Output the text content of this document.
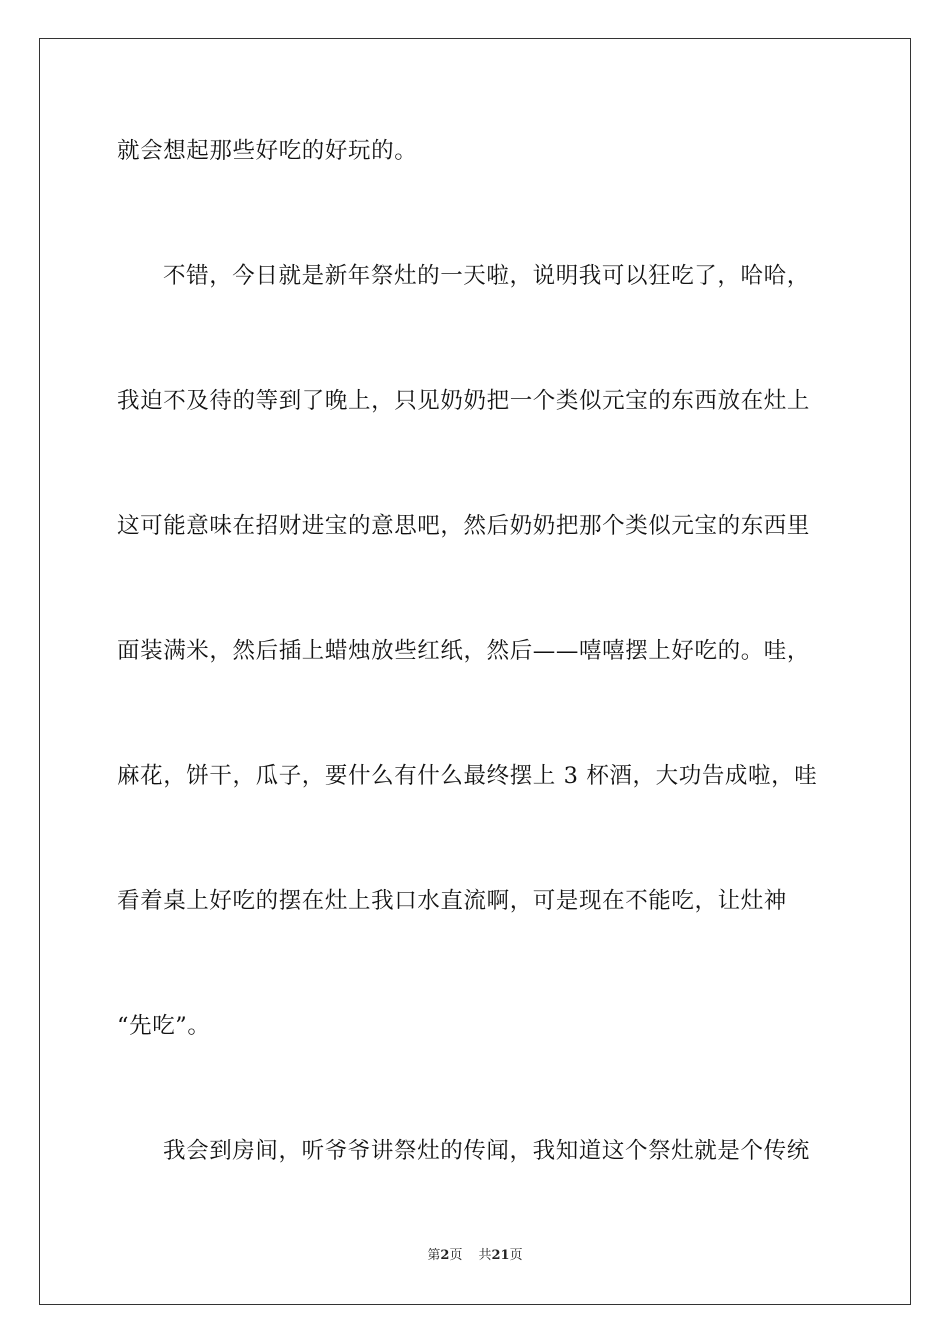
就会想起那些好吃的好玩的。
不错，今日就是新年祭灶的一天啦，说明我可以狂吃了，哈哈，
我迫不及待的等到了晚上，只见奶奶把一个类似元宝的东西放在灶上
这可能意味在招财进宝的意思吧，然后奶奶把那个类似元宝的东西里
面装满米，然后插上蜡烛放些红纸，然后——嘻嘻摆上好吃的。哇，
麻花，饼干，瓜子，要什么有什么最终摆上 3 杯酒，大功告成啦，哇
看着桌上好吃的摆在灶上我口水直流啊，可是现在不能吃，让灶神
“先吃”。
我会到房间，听爷爷讲祭灶的传闻，我知道这个祭灶就是个传统
第2页 共21页
